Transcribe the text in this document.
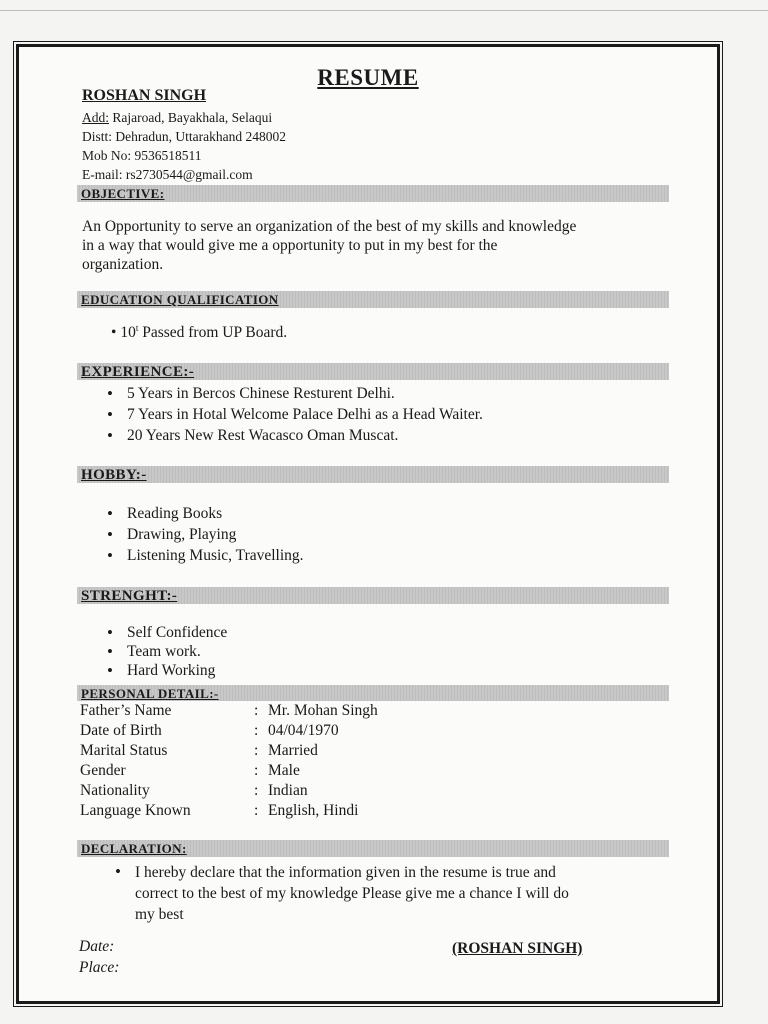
RESUME
ROSHAN SINGH
Add: Rajaroad, Bayakhala, Selaqui
Distt: Dehradun, Uttarakhand 248002
Mob No: 9536518511
E-mail: rs2730544@gmail.com
OBJECTIVE:
An Opportunity to serve an organization of the best of my skills and knowledge
in a way that would give me a opportunity to put in my best for the
organization.
EDUCATION QUALIFICATION
• 10$^t$ Passed from UP Board.
EXPERIENCE:-
• 5 Years in Bercos Chinese Resturent Delhi.
• 7 Years in Hotal Welcome Palace Delhi as a Head Waiter.
• 20 Years New Rest Wacasco Oman Muscat.
HOBBY:-
• Reading Books
• Drawing, Playing
• Listening Music, Travelling.
STRENGHT:-
• Self Confidence
• Team work.
• Hard Working
PERSONAL DETAIL:-
Father’s Name	: Mr. Mohan Singh
Date of Birth	: 04/04/1970
Marital Status	: Married
Gender	: Male
Nationality	: Indian
Language Known	: English, Hindi
DECLARATION:
• I hereby declare that the information given in the resume is true and
correct to the best of my knowledge Please give me a chance I will do
my best
Date:
Place:
(ROSHAN SINGH)
